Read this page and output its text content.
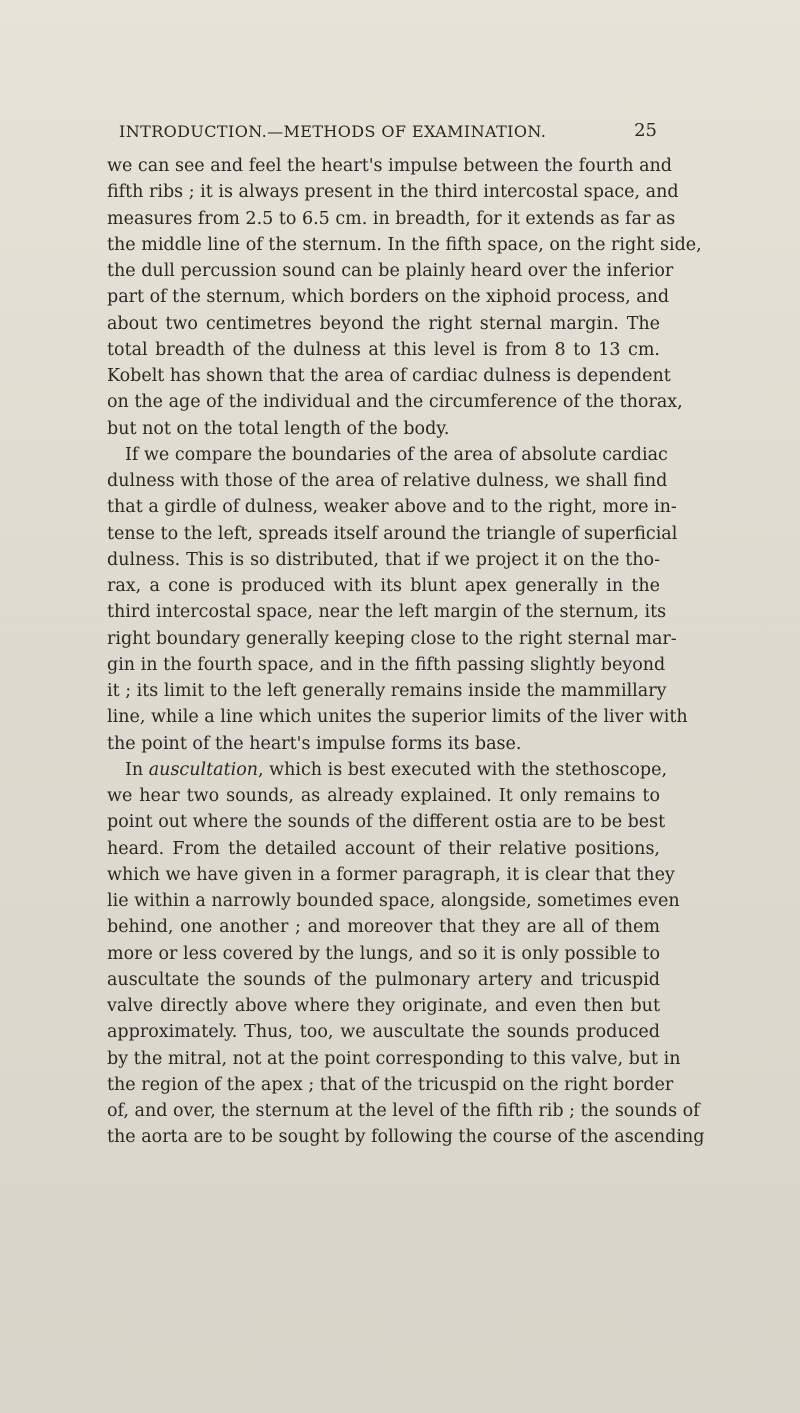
INTRODUCTION.—METHODS OF EXAMINATION.	25
we can see and feel the heart's impulse between the fourth and
fifth ribs ; it is always present in the third intercostal space, and
measures from 2.5 to 6.5 cm. in breadth, for it extends as far as
the middle line of the sternum. In the fifth space, on the right side,
the dull percussion sound can be plainly heard over the inferior
part of the sternum, which borders on the xiphoid process, and
about two centimetres beyond the right sternal margin. The
total breadth of the dulness at this level is from 8 to 13 cm.
Kobelt has shown that the area of cardiac dulness is dependent
on the age of the individual and the circumference of the thorax,
but not on the total length of the body.
If we compare the boundaries of the area of absolute cardiac
dulness with those of the area of relative dulness, we shall find
that a girdle of dulness, weaker above and to the right, more in-
tense to the left, spreads itself around the triangle of superficial
dulness. This is so distributed, that if we project it on the tho-
rax, a cone is produced with its blunt apex generally in the
third intercostal space, near the left margin of the sternum, its
right boundary generally keeping close to the right sternal mar-
gin in the fourth space, and in the fifth passing slightly beyond
it ; its limit to the left generally remains inside the mammillary
line, while a line which unites the superior limits of the liver with
the point of the heart's impulse forms its base.
In auscultation, which is best executed with the stethoscope,
we hear two sounds, as already explained. It only remains to
point out where the sounds of the different ostia are to be best
heard. From the detailed account of their relative positions,
which we have given in a former paragraph, it is clear that they
lie within a narrowly bounded space, alongside, sometimes even
behind, one another ; and moreover that they are all of them
more or less covered by the lungs, and so it is only possible to
auscultate the sounds of the pulmonary artery and tricuspid
valve directly above where they originate, and even then but
approximately. Thus, too, we auscultate the sounds produced
by the mitral, not at the point corresponding to this valve, but in
the region of the apex ; that of the tricuspid on the right border
of, and over, the sternum at the level of the fifth rib ; the sounds of
the aorta are to be sought by following the course of the ascending
